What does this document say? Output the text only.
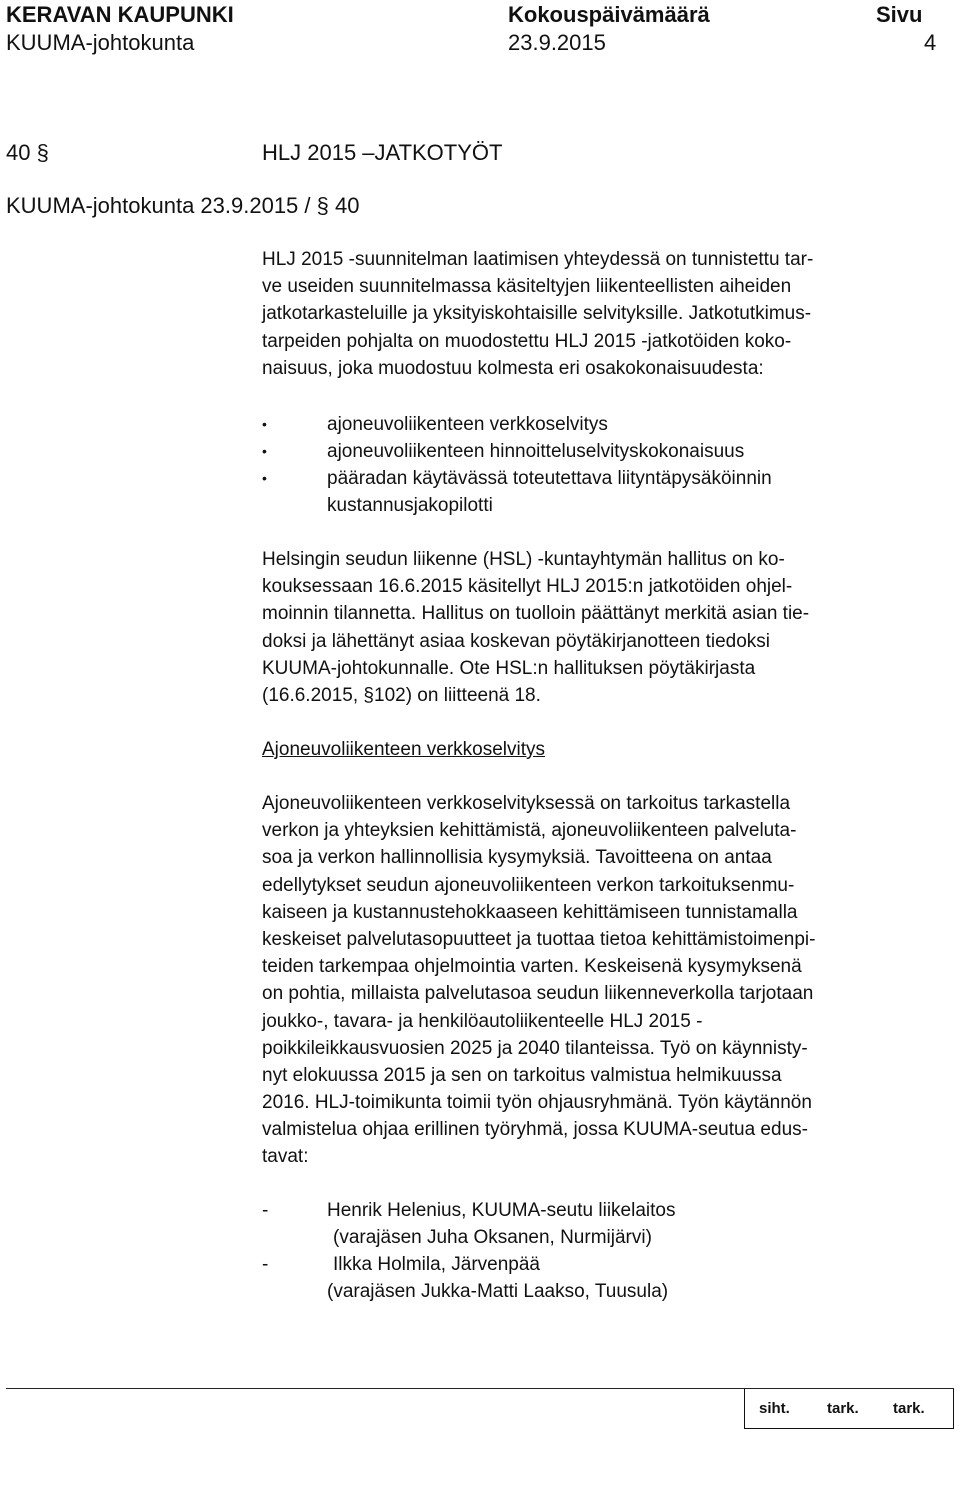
KERAVAN KAUPUNKI	Kokouspäivämäärä	Sivu
KUUMA-johtokunta	23.9.2015	4
40 §	HLJ 2015 –JATKOTYÖT
KUUMA-johtokunta 23.9.2015 / § 40
HLJ 2015 -suunnitelman laatimisen yhteydessä on tunnistettu tar-
ve useiden suunnitelmassa käsiteltyjen liikenteellisten aiheiden
jatkotarkasteluille ja yksityiskohtaisille selvityksille. Jatkotutkimus-
tarpeiden pohjalta on muodostettu HLJ 2015 -jatkotöiden koko-
naisuus, joka muodostuu kolmesta eri osakokonaisuudesta:
•	ajoneuvoliikenteen verkkoselvitys
•	ajoneuvoliikenteen hinnoitteluselvityskokonaisuus
•	pääradan käytävässä toteutettava liityntäpysäköinnin
kustannusjakopilotti
Helsingin seudun liikenne (HSL) -kuntayhtymän hallitus on ko-
kouksessaan 16.6.2015 käsitellyt HLJ 2015:n jatkotöiden ohjel-
moinnin tilannetta. Hallitus on tuolloin päättänyt merkitä asian tie-
doksi ja lähettänyt asiaa koskevan pöytäkirjanotteen tiedoksi
KUUMA-johtokunnalle. Ote HSL:n hallituksen pöytäkirjasta
(16.6.2015, §102) on liitteenä 18.
Ajoneuvoliikenteen verkkoselvitys
Ajoneuvoliikenteen verkkoselvityksessä on tarkoitus tarkastella
verkon ja yhteyksien kehittämistä, ajoneuvoliikenteen palveluta-
soa ja verkon hallinnollisia kysymyksiä. Tavoitteena on antaa
edellytykset seudun ajoneuvoliikenteen verkon tarkoituksenmu-
kaiseen ja kustannustehokkaaseen kehittämiseen tunnistamalla
keskeiset palvelutasopuutteet ja tuottaa tietoa kehittämistoimenpi-
teiden tarkempaa ohjelmointia varten. Keskeisenä kysymyksenä
on pohtia, millaista palvelutasoa seudun liikenneverkolla tarjotaan
joukko-, tavara- ja henkilöautoliikenteelle HLJ 2015 -
poikkileikkausvuosien 2025 ja 2040 tilanteissa. Työ on käynnisty-
nyt elokuussa 2015 ja sen on tarkoitus valmistua helmikuussa
2016. HLJ-toimikunta toimii työn ohjausryhmänä. Työn käytännön
valmistelua ohjaa erillinen työryhmä, jossa KUUMA-seutua edus-
tavat:
-	Henrik Helenius, KUUMA-seutu liikelaitos
(varajäsen Juha Oksanen, Nurmijärvi)
-	Ilkka Holmila, Järvenpää
(varajäsen Jukka-Matti Laakso, Tuusula)
siht. tark. tark.
